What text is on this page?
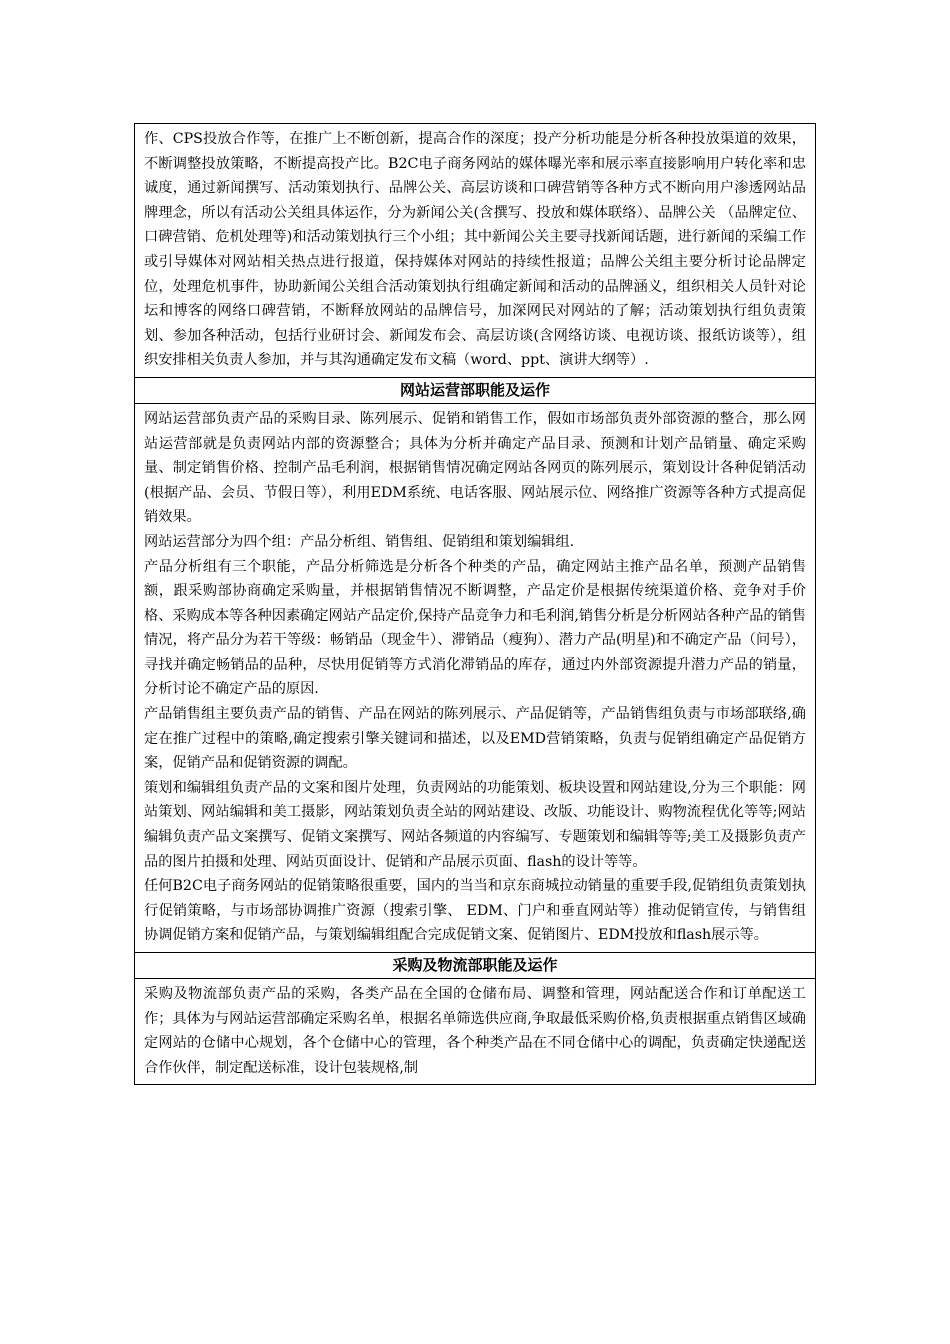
作、CPS投放合作等，在推广上不断创新，提高合作的深度；投产分析功能是分析各种投放渠道的效果，不断调整投放策略，不断提高投产比。B2C电子商务网站的媒体曝光率和展示率直接影响用户转化率和忠诚度，通过新闻撰写、活动策划执行、品牌公关、高层访谈和口碑营销等各种方式不断向用户渗透网站品牌理念，所以有活动公关组具体运作，分为新闻公关(含撰写、投放和媒体联络）、品牌公关 （品牌定位、口碑营销、危机处理等)和活动策划执行三个小组；其中新闻公关主要寻找新闻话题，进行新闻的采编工作或引导媒体对网站相关热点进行报道，保持媒体对网站的持续性报道；品牌公关组主要分析讨论品牌定位，处理危机事件，协助新闻公关组合活动策划执行组确定新闻和活动的品牌涵义，组织相关人员针对论坛和博客的网络口碑营销，不断释放网站的品牌信号，加深网民对网站的了解；活动策划执行组负责策划、参加各种活动，包括行业研讨会、新闻发布会、高层访谈(含网络访谈、电视访谈、报纸访谈等），组织安排相关负责人参加，并与其沟通确定发布文稿（word、ppt、演讲大纲等）.

网站运营部职能及运作

网站运营部负责产品的采购目录、陈列展示、促销和销售工作，假如市场部负责外部资源的整合，那么网站运营部就是负责网站内部的资源整合；具体为分析并确定产品目录、预测和计划产品销量、确定采购量、制定销售价格、控制产品毛利润，根据销售情况确定网站各网页的陈列展示，策划设计各种促销活动(根据产品、会员、节假日等），利用EDM系统、电话客服、网站展示位、网络推广资源等各种方式提高促销效果。

网站运营部分为四个组：产品分析组、销售组、促销组和策划编辑组.

产品分析组有三个职能，产品分析筛选是分析各个种类的产品，确定网站主推产品名单，预测产品销售额，跟采购部协商确定采购量，并根据销售情况不断调整，产品定价是根据传统渠道价格、竞争对手价格、采购成本等各种因素确定网站产品定价,保持产品竞争力和毛利润,销售分析是分析网站各种产品的销售情况，将产品分为若干等级：畅销品（现金牛）、滞销品（瘦狗）、潜力产品(明星)和不确定产品（问号），寻找并确定畅销品的品种，尽快用促销等方式消化滞销品的库存，通过内外部资源提升潜力产品的销量，分析讨论不确定产品的原因.

产品销售组主要负责产品的销售、产品在网站的陈列展示、产品促销等，产品销售组负责与市场部联络,确定在推广过程中的策略,确定搜索引擎关键词和描述，以及EMD营销策略，负责与促销组确定产品促销方案，促销产品和促销资源的调配。

策划和编辑组负责产品的文案和图片处理，负责网站的功能策划、板块设置和网站建设,分为三个职能：网站策划、网站编辑和美工摄影，网站策划负责全站的网站建设、改版、功能设计、购物流程优化等等;网站编辑负责产品文案撰写、促销文案撰写、网站各频道的内容编写、专题策划和编辑等等;美工及摄影负责产品的图片拍摄和处理、网站页面设计、促销和产品展示页面、flash的设计等等。

任何B2C电子商务网站的促销策略很重要，国内的当当和京东商城拉动销量的重要手段,促销组负责策划执行促销策略，与市场部协调推广资源（搜索引擎、 EDM、门户和垂直网站等）推动促销宣传，与销售组协调促销方案和促销产品，与策划编辑组配合完成促销文案、促销图片、EDM投放和flash展示等。

采购及物流部职能及运作

采购及物流部负责产品的采购，各类产品在全国的仓储布局、调整和管理，网站配送合作和订单配送工作；具体为与网站运营部确定采购名单，根据名单筛选供应商,争取最低采购价格,负责根据重点销售区域确定网站的仓储中心规划，各个仓储中心的管理，各个种类产品在不同仓储中心的调配，负责确定快递配送合作伙伴，制定配送标准，设计包装规格,制
